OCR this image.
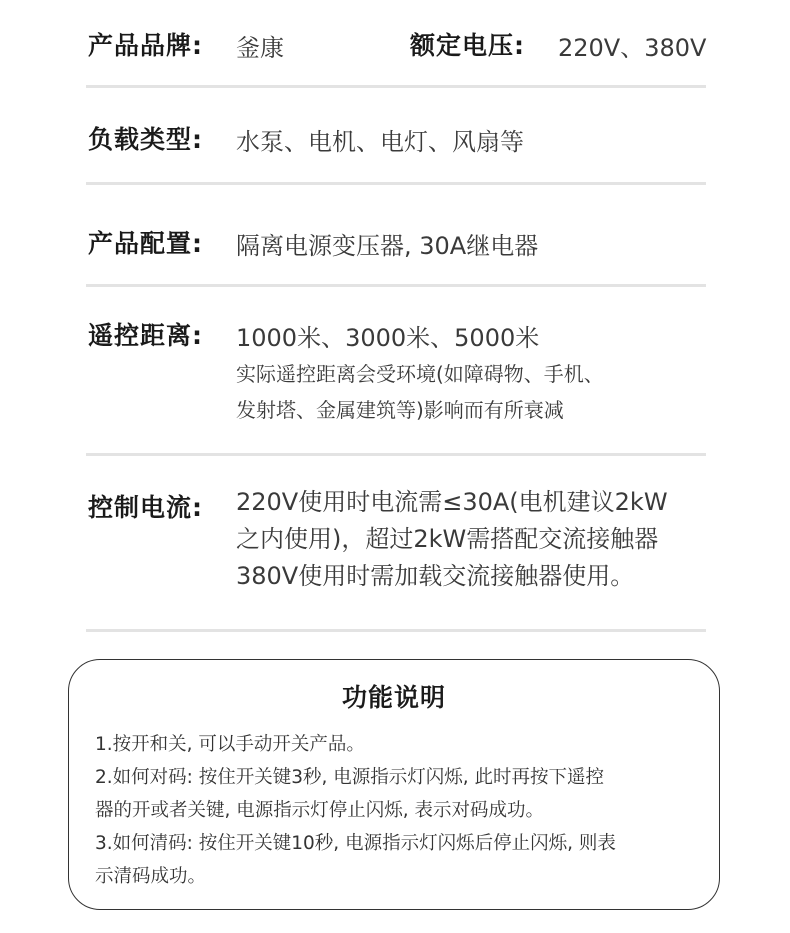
产品品牌: 釜康	额定电压: 220V、380V
负载类型: 水泵、电机、电灯、风扇等
产品配置: 隔离电源变压器, 30A继电器
遥控距离: 1000米、3000米、5000米
实际遥控距离会受环境(如障碍物、手机、
发射塔、金属建筑等)影响而有所衰减
控制电流: 220V使用时电流需≤30A(电机建议2kW
之内使用)，超过2kW需搭配交流接触器
380V使用时需加载交流接触器使用。
功能说明
1.按开和关, 可以手动开关产品。
2.如何对码: 按住开关键3秒, 电源指示灯闪烁, 此时再按下遥控
器的开或者关键, 电源指示灯停止闪烁, 表示对码成功。
3.如何清码: 按住开关键10秒, 电源指示灯闪烁后停止闪烁, 则表
示清码成功。
